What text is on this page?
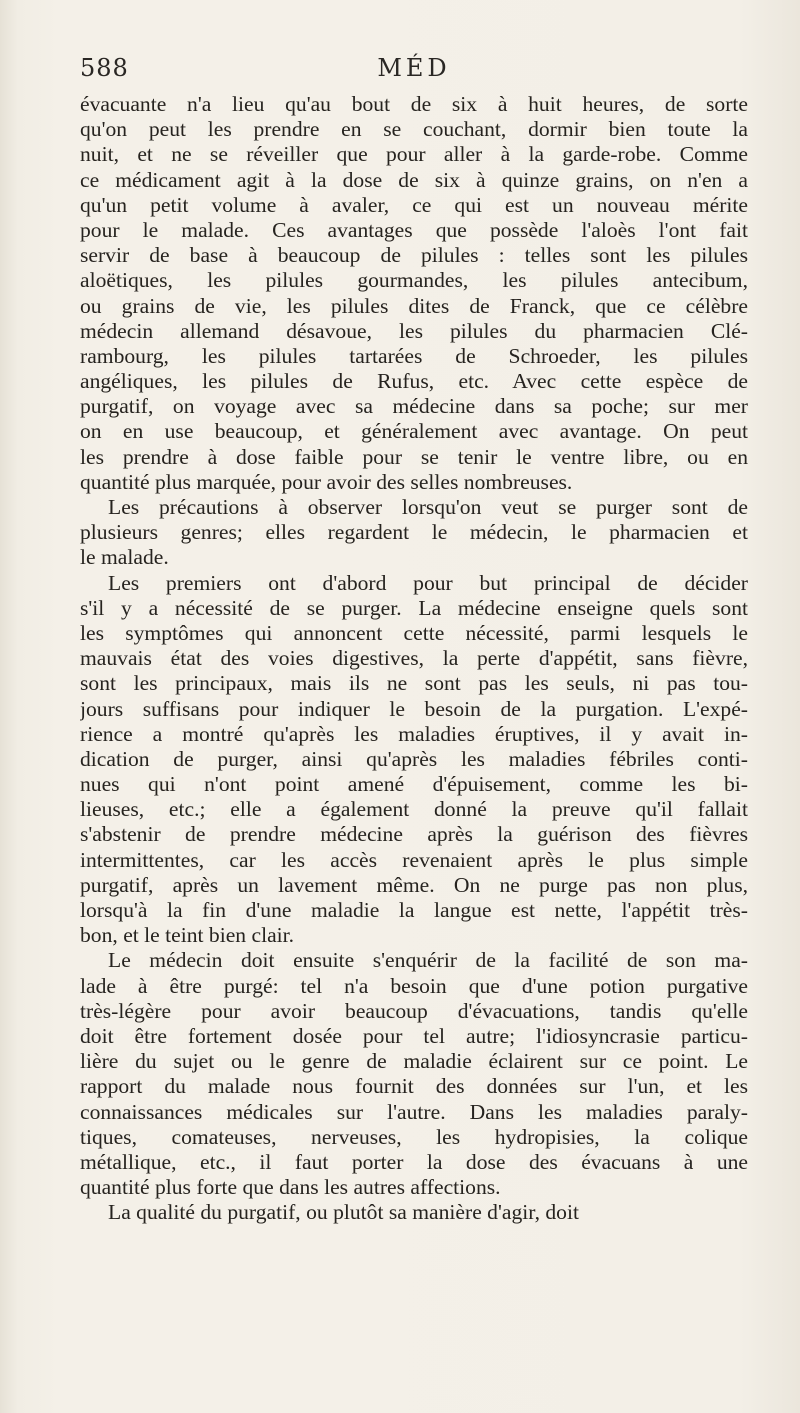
588	MÉD
évacuante n'a lieu qu'au bout de six à huit heures, de sorte
qu'on peut les prendre en se couchant, dormir bien toute la
nuit, et ne se réveiller que pour aller à la garde-robe. Comme
ce médicament agit à la dose de six à quinze grains, on n'en a
qu'un petit volume à avaler, ce qui est un nouveau mérite
pour le malade. Ces avantages que possède l'aloès l'ont fait
servir de base à beaucoup de pilules : telles sont les pilules
aloëtiques, les pilules gourmandes, les pilules antecibum,
ou grains de vie, les pilules dites de Franck, que ce célèbre
médecin allemand désavoue, les pilules du pharmacien Clé-
rambourg, les pilules tartarées de Schroeder, les pilules
angéliques, les pilules de Rufus, etc. Avec cette espèce de
purgatif, on voyage avec sa médecine dans sa poche; sur mer
on en use beaucoup, et généralement avec avantage. On peut
les prendre à dose faible pour se tenir le ventre libre, ou en
quantité plus marquée, pour avoir des selles nombreuses.
Les précautions à observer lorsqu'on veut se purger sont de
plusieurs genres; elles regardent le médecin, le pharmacien et
le malade.
Les premiers ont d'abord pour but principal de décider
s'il y a nécessité de se purger. La médecine enseigne quels sont
les symptômes qui annoncent cette nécessité, parmi lesquels le
mauvais état des voies digestives, la perte d'appétit, sans fièvre,
sont les principaux, mais ils ne sont pas les seuls, ni pas tou-
jours suffisans pour indiquer le besoin de la purgation. L'expé-
rience a montré qu'après les maladies éruptives, il y avait in-
dication de purger, ainsi qu'après les maladies fébriles conti-
nues qui n'ont point amené d'épuisement, comme les bi-
lieuses, etc.; elle a également donné la preuve qu'il fallait
s'abstenir de prendre médecine après la guérison des fièvres
intermittentes, car les accès revenaient après le plus simple
purgatif, après un lavement même. On ne purge pas non plus,
lorsqu'à la fin d'une maladie la langue est nette, l'appétit très-
bon, et le teint bien clair.
Le médecin doit ensuite s'enquérir de la facilité de son ma-
lade à être purgé: tel n'a besoin que d'une potion purgative
très-légère pour avoir beaucoup d'évacuations, tandis qu'elle
doit être fortement dosée pour tel autre; l'idiosyncrasie particu-
lière du sujet ou le genre de maladie éclairent sur ce point. Le
rapport du malade nous fournit des données sur l'un, et les
connaissances médicales sur l'autre. Dans les maladies paraly-
tiques, comateuses, nerveuses, les hydropisies, la colique
métallique, etc., il faut porter la dose des évacuans à une
quantité plus forte que dans les autres affections.
La qualité du purgatif, ou plutôt sa manière d'agir, doit
